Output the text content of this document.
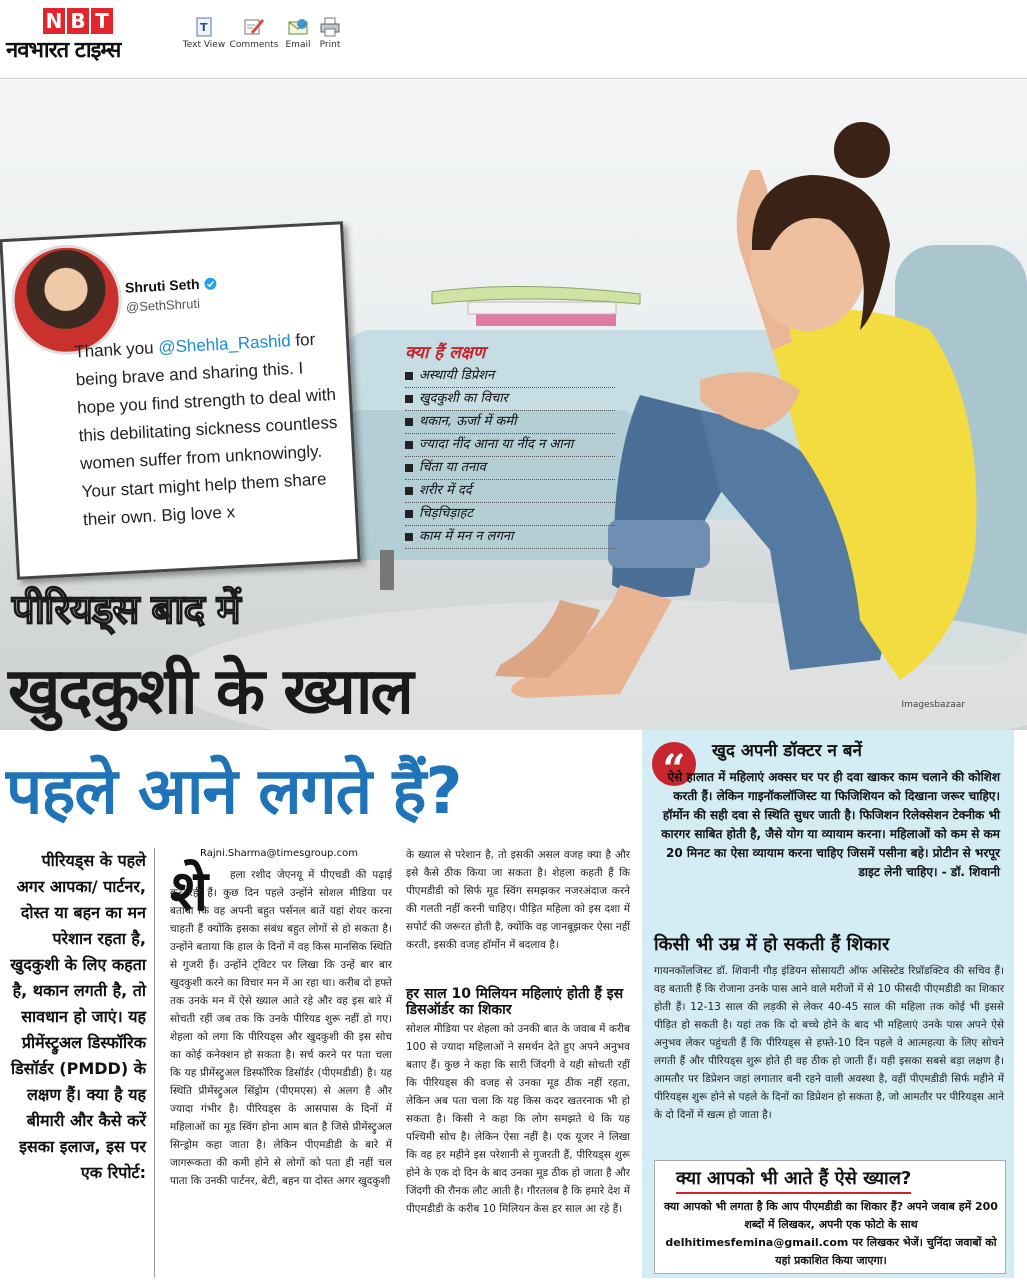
N B T
नवभारत टाइम्स
T
Text View Comments Email	Print
Imagesbazaar
Shruti Seth
@SethShruti
Thank you @Shehla_Rashid for being brave and sharing this. I hope you find strength to deal with this debilitating sickness countless women suffer from unknowingly. Your start might help them share their own. Big love x
क्या हैं लक्षण
अस्थायी डिप्रेशन
खुदकुशी का विचार
थकान, ऊर्जा में कमी
ज्यादा नींद आना या नींद न आना
चिंता या तनाव
शरीर में दर्द
चिड़चिड़ाहट
काम में मन न लगना
पीरियड्स बाद में
खुदकुशी के ख्याल
पहले आने लगते हैं?
पीरियड्स के पहले अगर आपका/ पार्टनर, दोस्त या बहन का मन परेशान रहता है, खुदकुशी के लिए कहता है, थकान लगती है, तो सावधान हो जाएं। यह प्रीमेंस्ट्रुअल डिस्फॉरिक डिसॉर्डर (PMDD) के लक्षण हैं। क्या है यह बीमारी और कैसे करें इसका इलाज, इस पर एक रिपोर्ट:
Rajni.Sharma@timesgroup.com
शे	हला रशीद जेएनयू में पीएचडी की पढ़ाई कर रही हैं। कुछ दिन पहले उन्होंने सोशल मीडिया पर बताया कि वह अपनी बहुत पर्सनल बातें यहां शेयर करना चाहती हैं क्योंकि इसका संबंध बहुत लोगों से हो सकता है। उन्होंने बताया कि हाल के दिनों में वह किस मानसिक स्थिति से गुजरी हैं। उन्होंने ट्विटर पर लिखा कि उन्हें बार बार खुदकुशी करने का विचार मन में आ रहा था। करीब दो हफ्ते तक उनके मन में ऐसे ख्याल आते रहे और वह इस बारे में सोचती रहीं जब तक कि उनके पीरियड शुरू नहीं हो गए। शेहला को लगा कि पीरियड्स और खुदकुशी की इस सोच का कोई कनेक्शन हो सकता है। सर्च करने पर पता चला कि यह प्रीमेंस्ट्रुअल डिस्फॉरिक डिसॉर्डर (पीएमडीडी) है। यह स्थिति प्रीमेंस्ट्रुअल सिंड्रोम (पीएमएस) से अलग है और ज्यादा गंभीर है। पीरियड्स के आसपास के दिनों में महिलाओं का मूड स्विंग होना आम बात है जिसे प्रीमेंस्ट्रुअल सिन्ड्रोम कहा जाता है। लेकिन पीएमडीडी के बारे में जागरूकता की कमी होने से लोगों को पता ही नहीं चल पाता कि उनकी पार्टनर, बेटी, बहन या दोस्त अगर खुदकुशी
के ख्याल से परेशान है, तो इसकी असल वजह क्या है और इसे कैसे ठीक किया जा सकता है। शेहला कहती हैं कि पीएमडीडी को सिर्फ मूड स्विंग समझकर नजरअंदाज करने की गलती नहीं करनी चाहिए। पीड़ित महिला को इस दशा में सपोर्ट की जरूरत होती है, क्योंकि वह जानबूझकर ऐसा नहीं करती, इसकी वजह हॉर्मोन में बदलाव है।
हर साल 10 मिलियन महिलाएं होती हैं इस डिसऑर्डर का शिकार
सोशल मीडिया पर शेहला को उनकी बात के जवाब में करीब 100 से ज्यादा महिलाओं ने समर्थन देते हुए अपने अनुभव बताए हैं। कुछ ने कहा कि सारी जिंदगी वे यही सोचती रहीं कि पीरियड्स की वजह से उनका मूड ठीक नहीं रहता, लेकिन अब पता चला कि यह किस कदर खतरनाक भी हो सकता है। किसी ने कहा कि लोग समझते थे कि यह पश्चिमी सोच है। लेकिन ऐसा नहीं है। एक यूजर ने लिखा कि वह हर महीने इस परेशानी से गुजरती हैं, पीरियड्स शुरू होने के एक दो दिन के बाद उनका मूड ठीक हो जाता है और जिंदगी की रौनक लौट आती है। गौरतलब है कि हमारे देश में पीएमडीडी के करीब 10 मिलियन केस हर साल आ रहे हैं।
“	खुद अपनी डॉक्टर न बनें
ऐसे हालात में महिलाएं अक्सर घर पर ही दवा खाकर काम चलाने की कोशिश करती हैं। लेकिन गाइनॉकलॉजिस्ट या फिजिशियन को दिखाना जरूर चाहिए। हॉर्मोन की सही दवा से स्थिति सुधर जाती है। फिजिशन रिलेक्सेशन टेक्नीक भी कारगर साबित होती है, जैसे योग या व्यायाम करना। महिलाओं को कम से कम 20 मिनट का ऐसा व्यायाम करना चाहिए जिसमें पसीना बहे। प्रोटीन से भरपूर डाइट लेनी चाहिए। - डॉ. शिवानी
किसी भी उम्र में हो सकती हैं शिकार
गायनकॉलजिस्ट डॉ. शिवानी गौड़ इंडियन सोसायटी ऑफ असिस्टेड रिप्रॉडक्टिव की सचिव हैं। वह बताती हैं कि रोजाना उनके पास आने वाले मरीजों में से 10 फीसदी पीएमडीडी का शिकार होती हैं। 12-13 साल की लड़की से लेकर 40-45 साल की महिला तक कोई भी इससे पीड़ित हो सकती है। यहां तक कि दो बच्चे होने के बाद भी महिलाएं उनके पास अपने ऐसे अनुभव लेकर पहुंचती हैं कि पीरियड्स से हफ्ते-10 दिन पहले वे आत्महत्या के लिए सोचने लगती हैं और पीरियड्स शुरू होते ही वह ठीक हो जाती हैं। यही इसका सबसे बड़ा लक्षण है। आमतौर पर डिप्रेशन जहां लगातार बनी रहने वाली अवस्था है, वहीं पीएमडीडी सिर्फ महीने में पीरियड्स शुरू होने से पहले के दिनों का डिप्रेशन हो सकता है, जो आमतौर पर पीरियड्स आने के दो दिनों में खत्म हो जाता है।
क्या आपको भी आते हैं ऐसे ख्याल?
क्या आपको भी लगता है कि आप पीएमडीडी का शिकार हैं? अपने जवाब हमें 200 शब्दों में लिखकर, अपनी एक फोटो के साथ delhitimesfemina@gmail.com पर लिखकर भेजें। चुनिंदा जवाबों को यहां प्रकाशित किया जाएगा।
